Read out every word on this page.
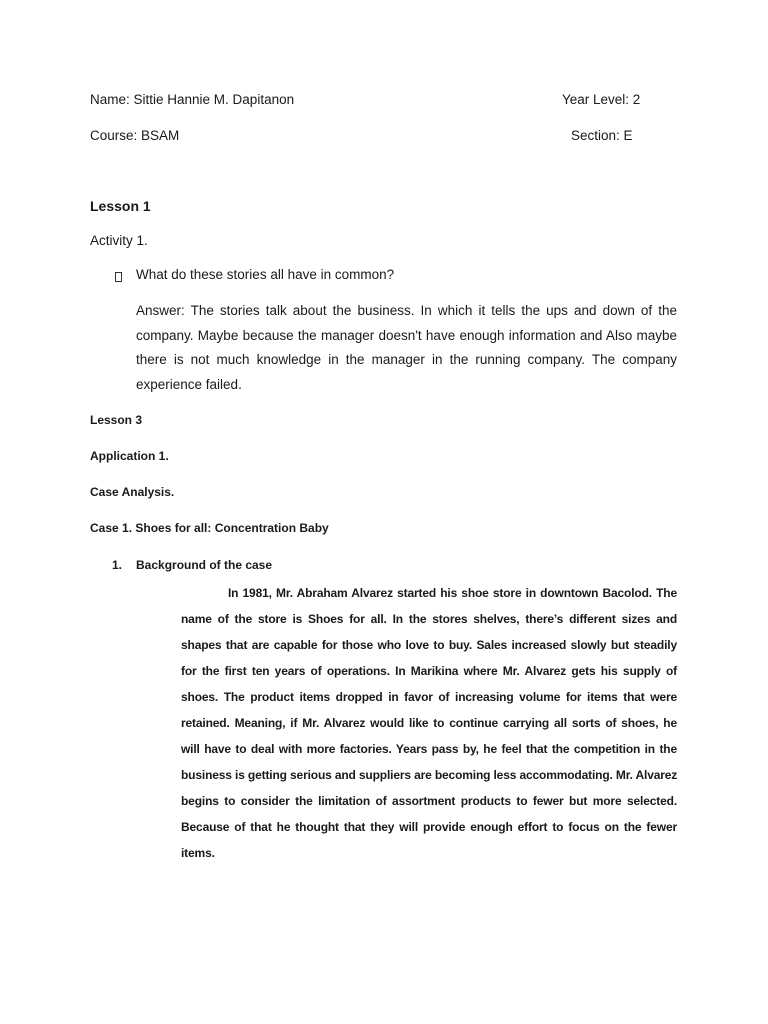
Name: Sittie Hannie M. Dapitanon	Year Level: 2
Course: BSAM	Section: E
Lesson 1
Activity 1.
What do these stories all have in common?
Answer: The stories talk about the business. In which it tells the ups and down of the company. Maybe because the manager doesn't have enough information and Also maybe there is not much knowledge in the manager in the running company. The company experience failed.
Lesson 3
Application 1.
Case Analysis.
Case 1. Shoes for all: Concentration Baby
1. Background of the case
In 1981, Mr. Abraham Alvarez started his shoe store in downtown Bacolod. The
name of the store is Shoes for all. In the stores shelves, there’s different sizes and
shapes that are capable for those who love to buy. Sales increased slowly but steadily
for the first ten years of operations. In Marikina where Mr. Alvarez gets his supply of
shoes. The product items dropped in favor of increasing volume for items that were
retained. Meaning, if Mr. Alvarez would like to continue carrying all sorts of shoes, he
will have to deal with more factories. Years pass by, he feel that the competition in the
business is getting serious and suppliers are becoming less accommodating. Mr. Alvarez
begins to consider the limitation of assortment products to fewer but more selected.
Because of that he thought that they will provide enough effort to focus on the fewer
items.
